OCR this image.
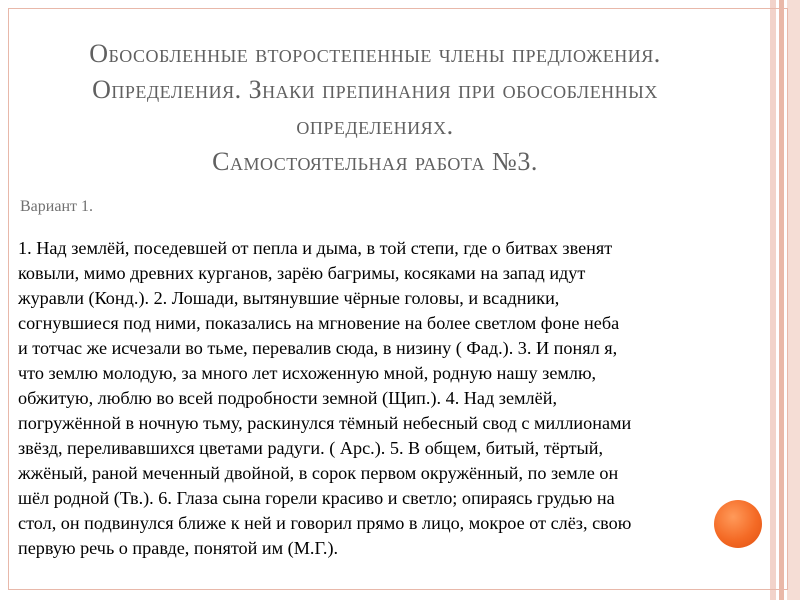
Обособленные второстепенные члены предложения.
Определения. Знаки препинания при обособленных
определениях.
Самостоятельная работа №3.
Вариант 1.
1. Над землёй, поседевшей от пепла и дыма, в той степи, где о битвах звенят
ковыли, мимо древних курганов, зарёю багримы, косяками на запад идут
журавли (Конд.). 2. Лошади, вытянувшие чёрные головы, и всадники,
согнувшиеся под ними, показались на мгновение на более светлом фоне неба
и тотчас же исчезали во тьме, перевалив сюда, в низину ( Фад.). 3. И понял я,
что землю молодую, за много лет исхоженную мной, родную нашу землю,
обжитую, люблю во всей подробности земной (Щип.). 4. Над землёй,
погружённой в ночную тьму, раскинулся тёмный небесный свод с миллионами
звёзд, переливавшихся цветами радуги. ( Арс.). 5. В общем, битый, тёртый,
жжёный, раной меченный двойной, в сорок первом окружённый, по земле он
шёл родной (Тв.). 6. Глаза сына горели красиво и светло; опираясь грудью на
стол, он подвинулся ближе к ней и говорил прямо в лицо, мокрое от слёз, свою
первую речь о правде, понятой им (М.Г.).
